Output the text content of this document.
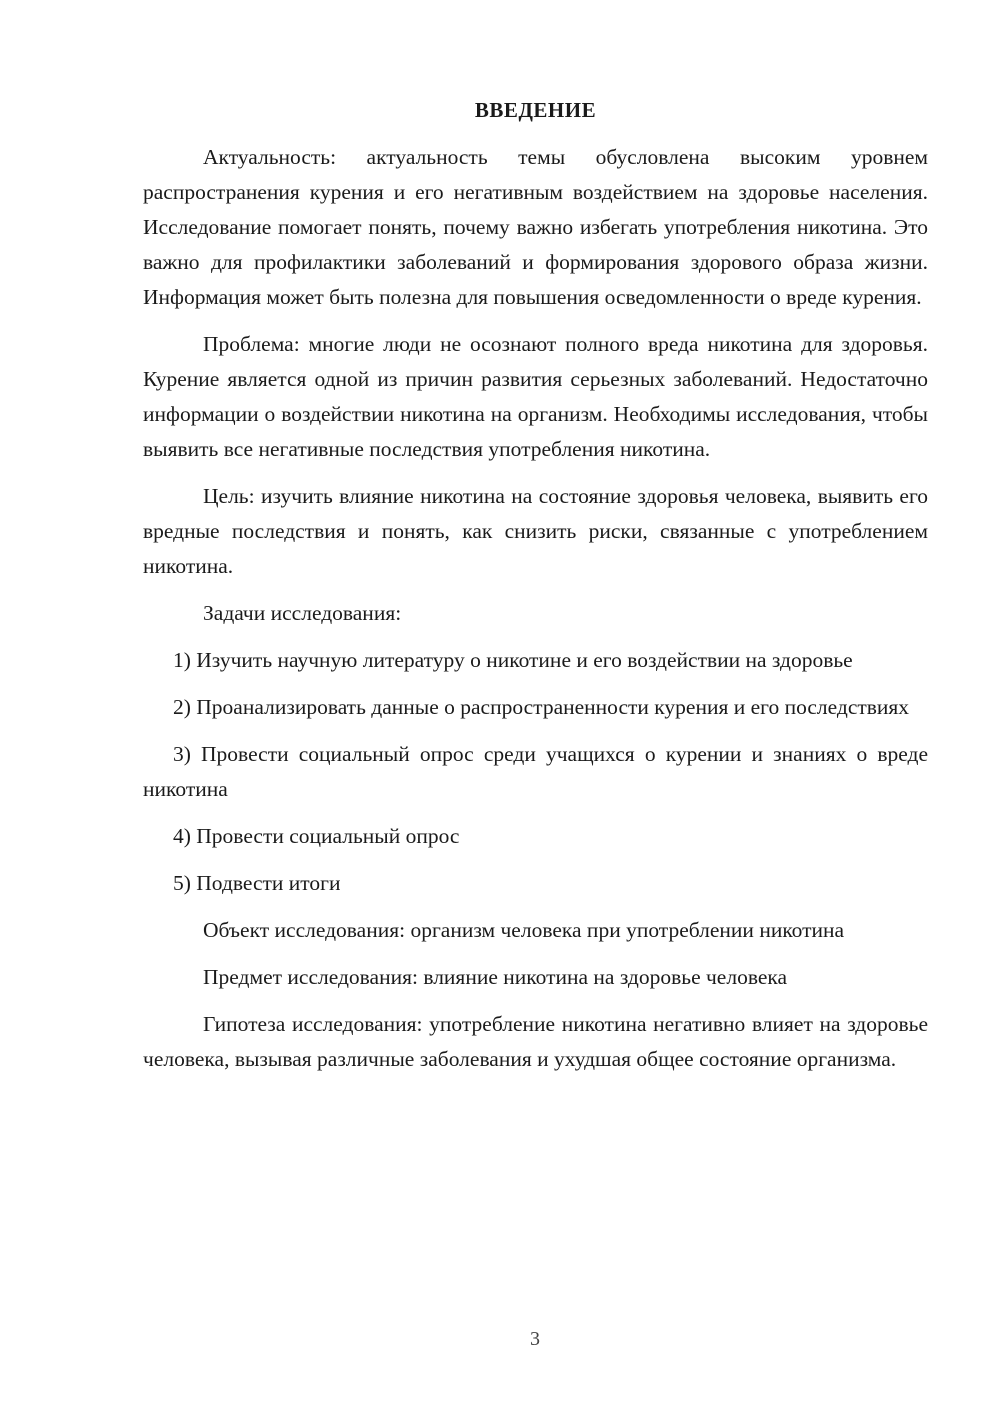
ВВЕДЕНИЕ

Актуальность: актуальность темы обусловлена высоким уровнем распространения курения и его негативным воздействием на здоровье населения. Исследование помогает понять, почему важно избегать употребления никотина. Это важно для профилактики заболеваний и формирования здорового образа жизни. Информация может быть полезна для повышения осведомленности о вреде курения.

Проблема: многие люди не осознают полного вреда никотина для здоровья. Курение является одной из причин развития серьезных заболеваний. Недостаточно информации о воздействии никотина на организм. Необходимы исследования, чтобы выявить все негативные последствия употребления никотина.

Цель: изучить влияние никотина на состояние здоровья человека, выявить его вредные последствия и понять, как снизить риски, связанные с употреблением никотина.

Задачи исследования:

1) Изучить научную литературу о никотине и его воздействии на здоровье

2) Проанализировать данные о распространенности курения и его последствиях

3) Провести социальный опрос среди учащихся о курении и знаниях о вреде никотина

4) Провести социальный опрос

5) Подвести итоги

Объект исследования: организм человека при употреблении никотина

Предмет исследования: влияние никотина на здоровье человека

Гипотеза исследования: употребление никотина негативно влияет на здоровье человека, вызывая различные заболевания и ухудшая общее состояние организма.

3
